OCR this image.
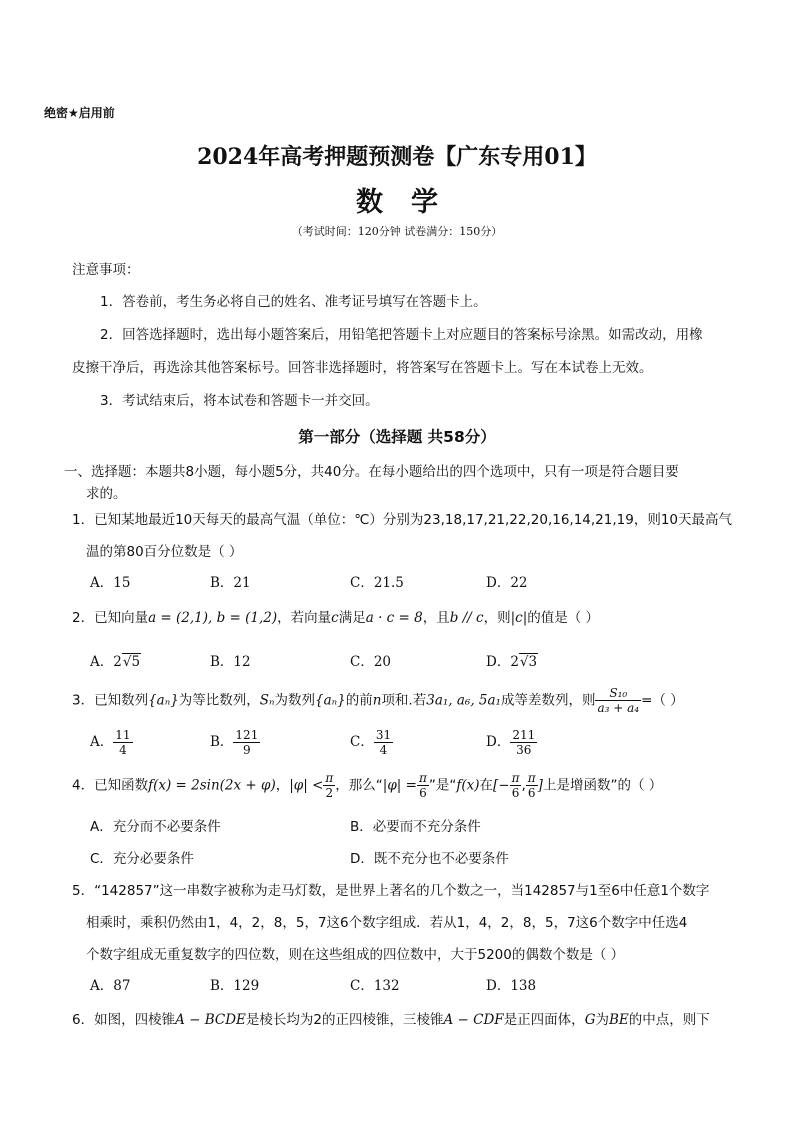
绝密★启用前
2024年高考押题预测卷【广东专用01】
数学
（考试时间：120分钟 试卷满分：150分）
注意事项：
1．答卷前，考生务必将自己的姓名、准考证号填写在答题卡上。
2．回答选择题时，选出每小题答案后，用铅笔把答题卡上对应题目的答案标号涂黑。如需改动，用橡
皮擦干净后，再选涂其他答案标号。回答非选择题时，将答案写在答题卡上。写在本试卷上无效。
3．考试结束后，将本试卷和答题卡一并交回。
第一部分（选择题 共58分）
一、选择题：本题共8小题，每小题5分，共40分。在每小题给出的四个选项中，只有一项是符合题目要
求的。
1．已知某地最近10天每天的最高气温（单位：℃）分别为23,18,17,21,22,20,16,14,21,19，则10天最高气
温的第80百分位数是（ ）
A．15	B．21	C．21.5	D．22
2．已知向量a = (2,1), b = (1,2)，若向量c满足a · c = 8，且b // c，则|c|的值是（ ）
A．2√5	B．12	C．20	D．2√3
3．已知数列{aₙ}为等比数列，Sₙ为数列{aₙ}的前n项和.若3a₁, a₆, 5a₁成等差数列，则 $\frac{\text{S₁₀}}{\text{a₃ + a₄}}$ =（ ）
A． $\frac{11}{4}$	B． $\frac{121}{9}$	C． $\frac{31}{4}$	D． $\frac{211}{36}$
4．已知函数f(x) = 2sin(2x + φ)，$|\varphi| < \frac{\pi}{2}$ ，那么“$|\varphi| = \frac{\pi}{6}$ ”是“f(x)在[− $\frac{\pi}{6}$ , $\frac{\pi}{6}$ ]上是增函数”的（ ）
A．充分而不必要条件	B．必要而不充分条件
C．充分必要条件	D．既不充分也不必要条件
5．“142857”这一串数字被称为走马灯数，是世界上著名的几个数之一，当142857与1至6中任意1个数字
相乘时，乘积仍然由1，4，2，8，5，7这6个数字组成．若从1，4，2，8，5，7这6个数字中任选4
个数字组成无重复数字的四位数，则在这些组成的四位数中，大于5200的偶数个数是（ ）
A．87	B．129	C．132	D．138
6．如图，四棱锥A − BCDE是棱长均为2的正四棱锥，三棱锥A − CDF是正四面体，G为BE的中点，则下
